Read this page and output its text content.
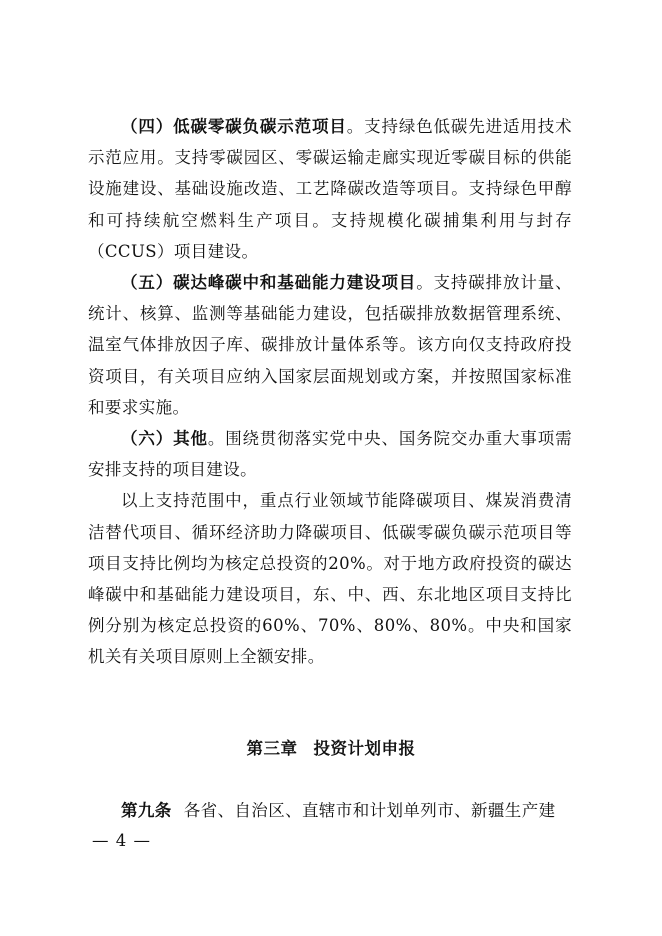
（四）低碳零碳负碳示范项目。支持绿色低碳先进适用技术示范应用。支持零碳园区、零碳运输走廊实现近零碳目标的供能设施建设、基础设施改造、工艺降碳改造等项目。支持绿色甲醇和可持续航空燃料生产项目。支持规模化碳捕集利用与封存（CCUS）项目建设。

（五）碳达峰碳中和基础能力建设项目。支持碳排放计量、统计、核算、监测等基础能力建设，包括碳排放数据管理系统、温室气体排放因子库、碳排放计量体系等。该方向仅支持政府投资项目，有关项目应纳入国家层面规划或方案，并按照国家标准和要求实施。

（六）其他。围绕贯彻落实党中央、国务院交办重大事项需安排支持的项目建设。

以上支持范围中，重点行业领域节能降碳项目、煤炭消费清洁替代项目、循环经济助力降碳项目、低碳零碳负碳示范项目等项目支持比例均为核定总投资的20%。对于地方政府投资的碳达峰碳中和基础能力建设项目，东、中、西、东北地区项目支持比例分别为核定总投资的60%、70%、80%、80%。中央和国家机关有关项目原则上全额安排。

第三章 投资计划申报
第九条 各省、自治区、直辖市和计划单列市、新疆生产建
— 4 —
